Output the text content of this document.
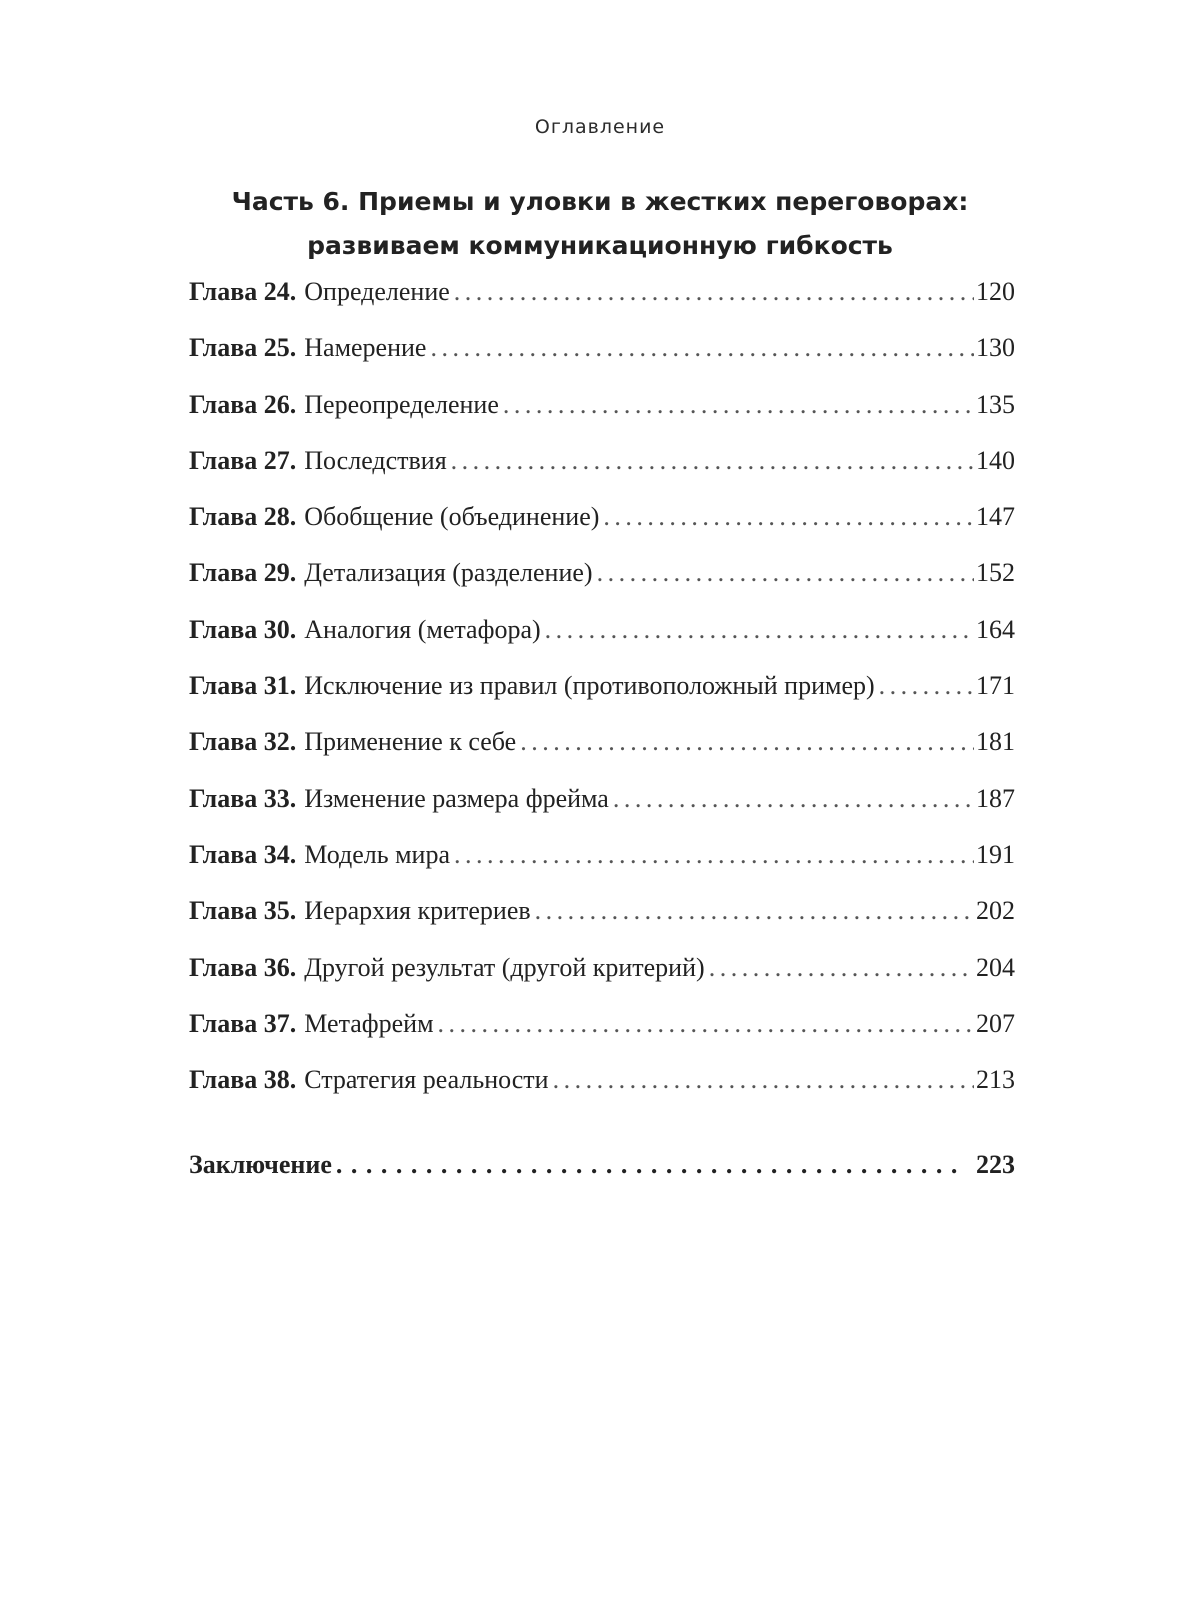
Оглавление
Часть 6. Приемы и уловки в жестких переговорах:
развиваем коммуникационную гибкость
Глава 24. Определение . . .	120
Глава 25. Намерение . . .	130
Глава 26. Переопределение . . .	135
Глава 27. Последствия . . .	140
Глава 28. Обобщение (объединение) . . .	147
Глава 29. Детализация (разделение) . . .	152
Глава 30. Аналогия (метафора) . . .	164
Глава 31. Исключение из правил (противоположный пример) . . .	171
Глава 32. Применение к себе . . .	181
Глава 33. Изменение размера фрейма . . .	187
Глава 34. Модель мира . . .	191
Глава 35. Иерархия критериев . . .	202
Глава 36. Другой результат (другой критерий) . . .	204
Глава 37. Метафрейм . . .	207
Глава 38. Стратегия реальности . . .	213
Заключение . . .	223
